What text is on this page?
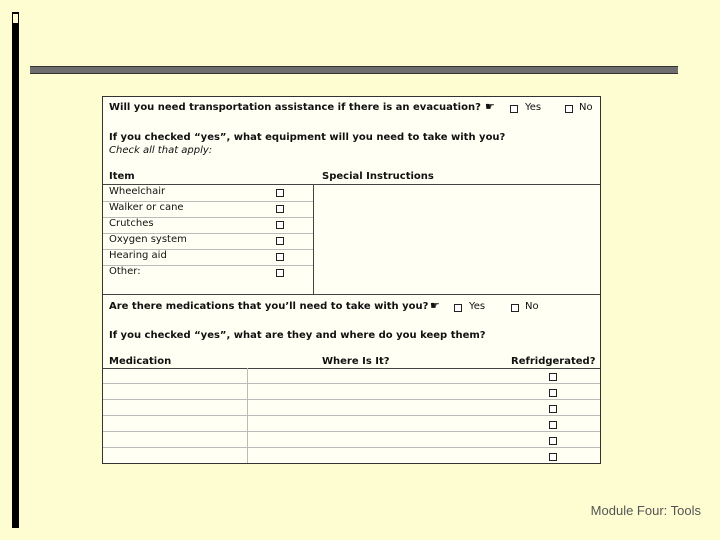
Will you need transportation assistance if there is an evacuation? ☛	Yes	No
If you checked “yes”, what equipment will you need to take with you?
Check all that apply:
Item	Special Instructions
Wheelchair
Walker or cane
Crutches
Oxygen system
Hearing aid
Other:
Are there medications that you’ll need to take with you? ☛	Yes	No
If you checked “yes”, what are they and where do you keep them?
Medication	Where Is It?	Refridgerated?
Module Four: Tools
